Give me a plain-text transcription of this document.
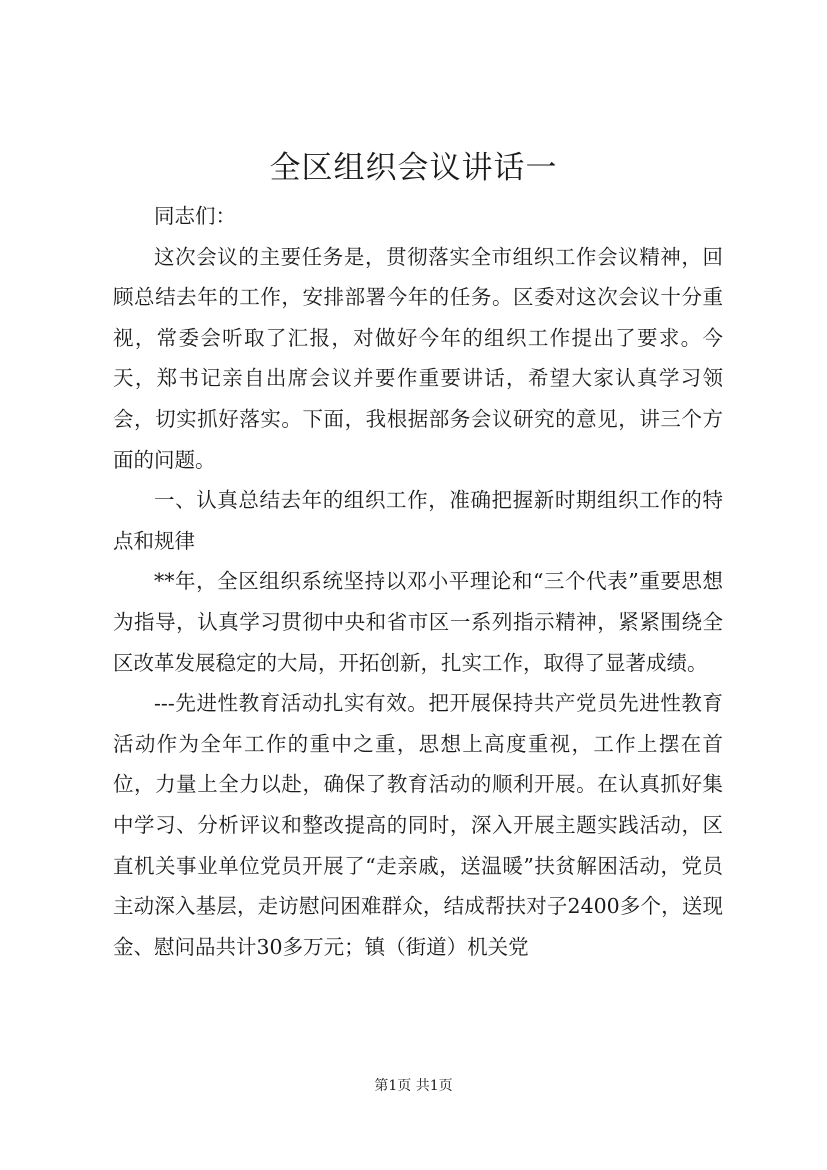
全区组织会议讲话一

同志们：

这次会议的主要任务是，贯彻落实全市组织工作会议精神，回顾总结去年的工作，安排部署今年的任务。区委对这次会议十分重视，常委会听取了汇报，对做好今年的组织工作提出了要求。今天，郑书记亲自出席会议并要作重要讲话，希望大家认真学习领会，切实抓好落实。下面，我根据部务会议研究的意见，讲三个方面的问题。

一、认真总结去年的组织工作，准确把握新时期组织工作的特点和规律

**年，全区组织系统坚持以邓小平理论和“三个代表”重要思想为指导，认真学习贯彻中央和省市区一系列指示精神，紧紧围绕全区改革发展稳定的大局，开拓创新，扎实工作，取得了显著成绩。

---先进性教育活动扎实有效。把开展保持共产党员先进性教育活动作为全年工作的重中之重，思想上高度重视，工作上摆在首位，力量上全力以赴，确保了教育活动的顺利开展。在认真抓好集中学习、分析评议和整改提高的同时，深入开展主题实践活动，区直机关事业单位党员开展了“走亲戚，送温暖”扶贫解困活动，党员主动深入基层，走访慰问困难群众，结成帮扶对子2400多个，送现金、慰问品共计30多万元；镇（街道）机关党

第1页 共1页
